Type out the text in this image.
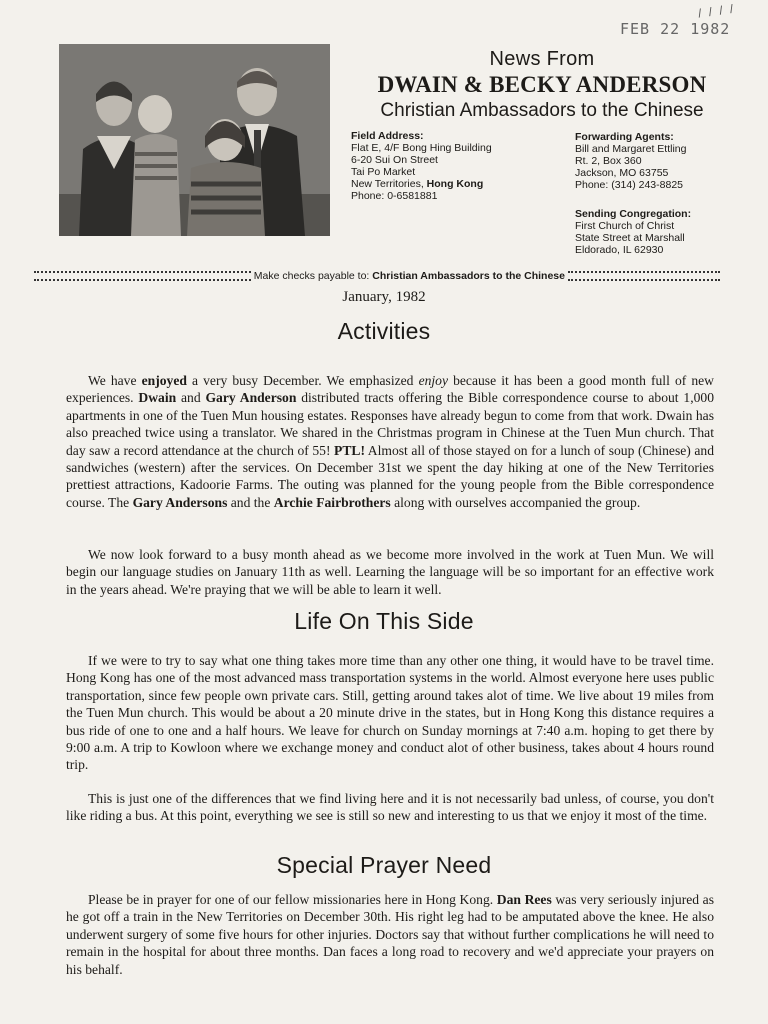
/ / / /
FEB 22 1982
News From
DWAIN & BECKY ANDERSON
Christian Ambassadors to the Chinese
Field Address:
Flat E, 4/F Bong Hing Building
6-20 Sui On Street
Tai Po Market
New Territories, Hong Kong
Phone: 0-6581881
Forwarding Agents:
Bill and Margaret Ettling
Rt. 2, Box 360
Jackson, MO 63755
Phone: (314) 243-8825
Sending Congregation:
First Church of Christ
State Street at Marshall
Eldorado, IL 62930
Make checks payable to: Christian Ambassadors to the Chinese
January, 1982
Activities

We have enjoyed a very busy December. We emphasized enjoy because it has been a good month full of new experiences. Dwain and Gary Anderson distributed tracts offering the Bible correspondence course to about 1,000 apartments in one of the Tuen Mun housing estates. Responses have already begun to come from that work. Dwain has also preached twice using a translator. We shared in the Christmas program in Chinese at the Tuen Mun church. That day saw a record attendance at the church of 55! PTL! Almost all of those stayed on for a lunch of soup (Chinese) and sandwiches (western) after the services. On December 31st we spent the day hiking at one of the New Territories prettiest attractions, Kadoorie Farms. The outing was planned for the young people from the Bible correspondence course. The Gary Andersons and the Archie Fairbrothers along with ourselves accompanied the group.

We now look forward to a busy month ahead as we become more involved in the work at Tuen Mun. We will begin our language studies on January 11th as well. Learning the language will be so important for an effective work in the years ahead. We're praying that we will be able to learn it well.

Life On This Side

If we were to try to say what one thing takes more time than any other one thing, it would have to be travel time. Hong Kong has one of the most advanced mass transportation systems in the world. Almost everyone here uses public transportation, since few people own private cars. Still, getting around takes alot of time. We live about 19 miles from the Tuen Mun church. This would be about a 20 minute drive in the states, but in Hong Kong this distance requires a bus ride of one to one and a half hours. We leave for church on Sunday mornings at 7:40 a.m. hoping to get there by 9:00 a.m. A trip to Kowloon where we exchange money and conduct alot of other business, takes about 4 hours round trip.

This is just one of the differences that we find living here and it is not necessarily bad unless, of course, you don't like riding a bus. At this point, everything we see is still so new and interesting to us that we enjoy it most of the time.

Special Prayer Need

Please be in prayer for one of our fellow missionaries here in Hong Kong. Dan Rees was very seriously injured as he got off a train in the New Territories on December 30th. His right leg had to be amputated above the knee. He also underwent surgery of some five hours for other injuries. Doctors say that without further complications he will need to remain in the hospital for about three months. Dan faces a long road to recovery and we'd appreciate your prayers on his behalf.
